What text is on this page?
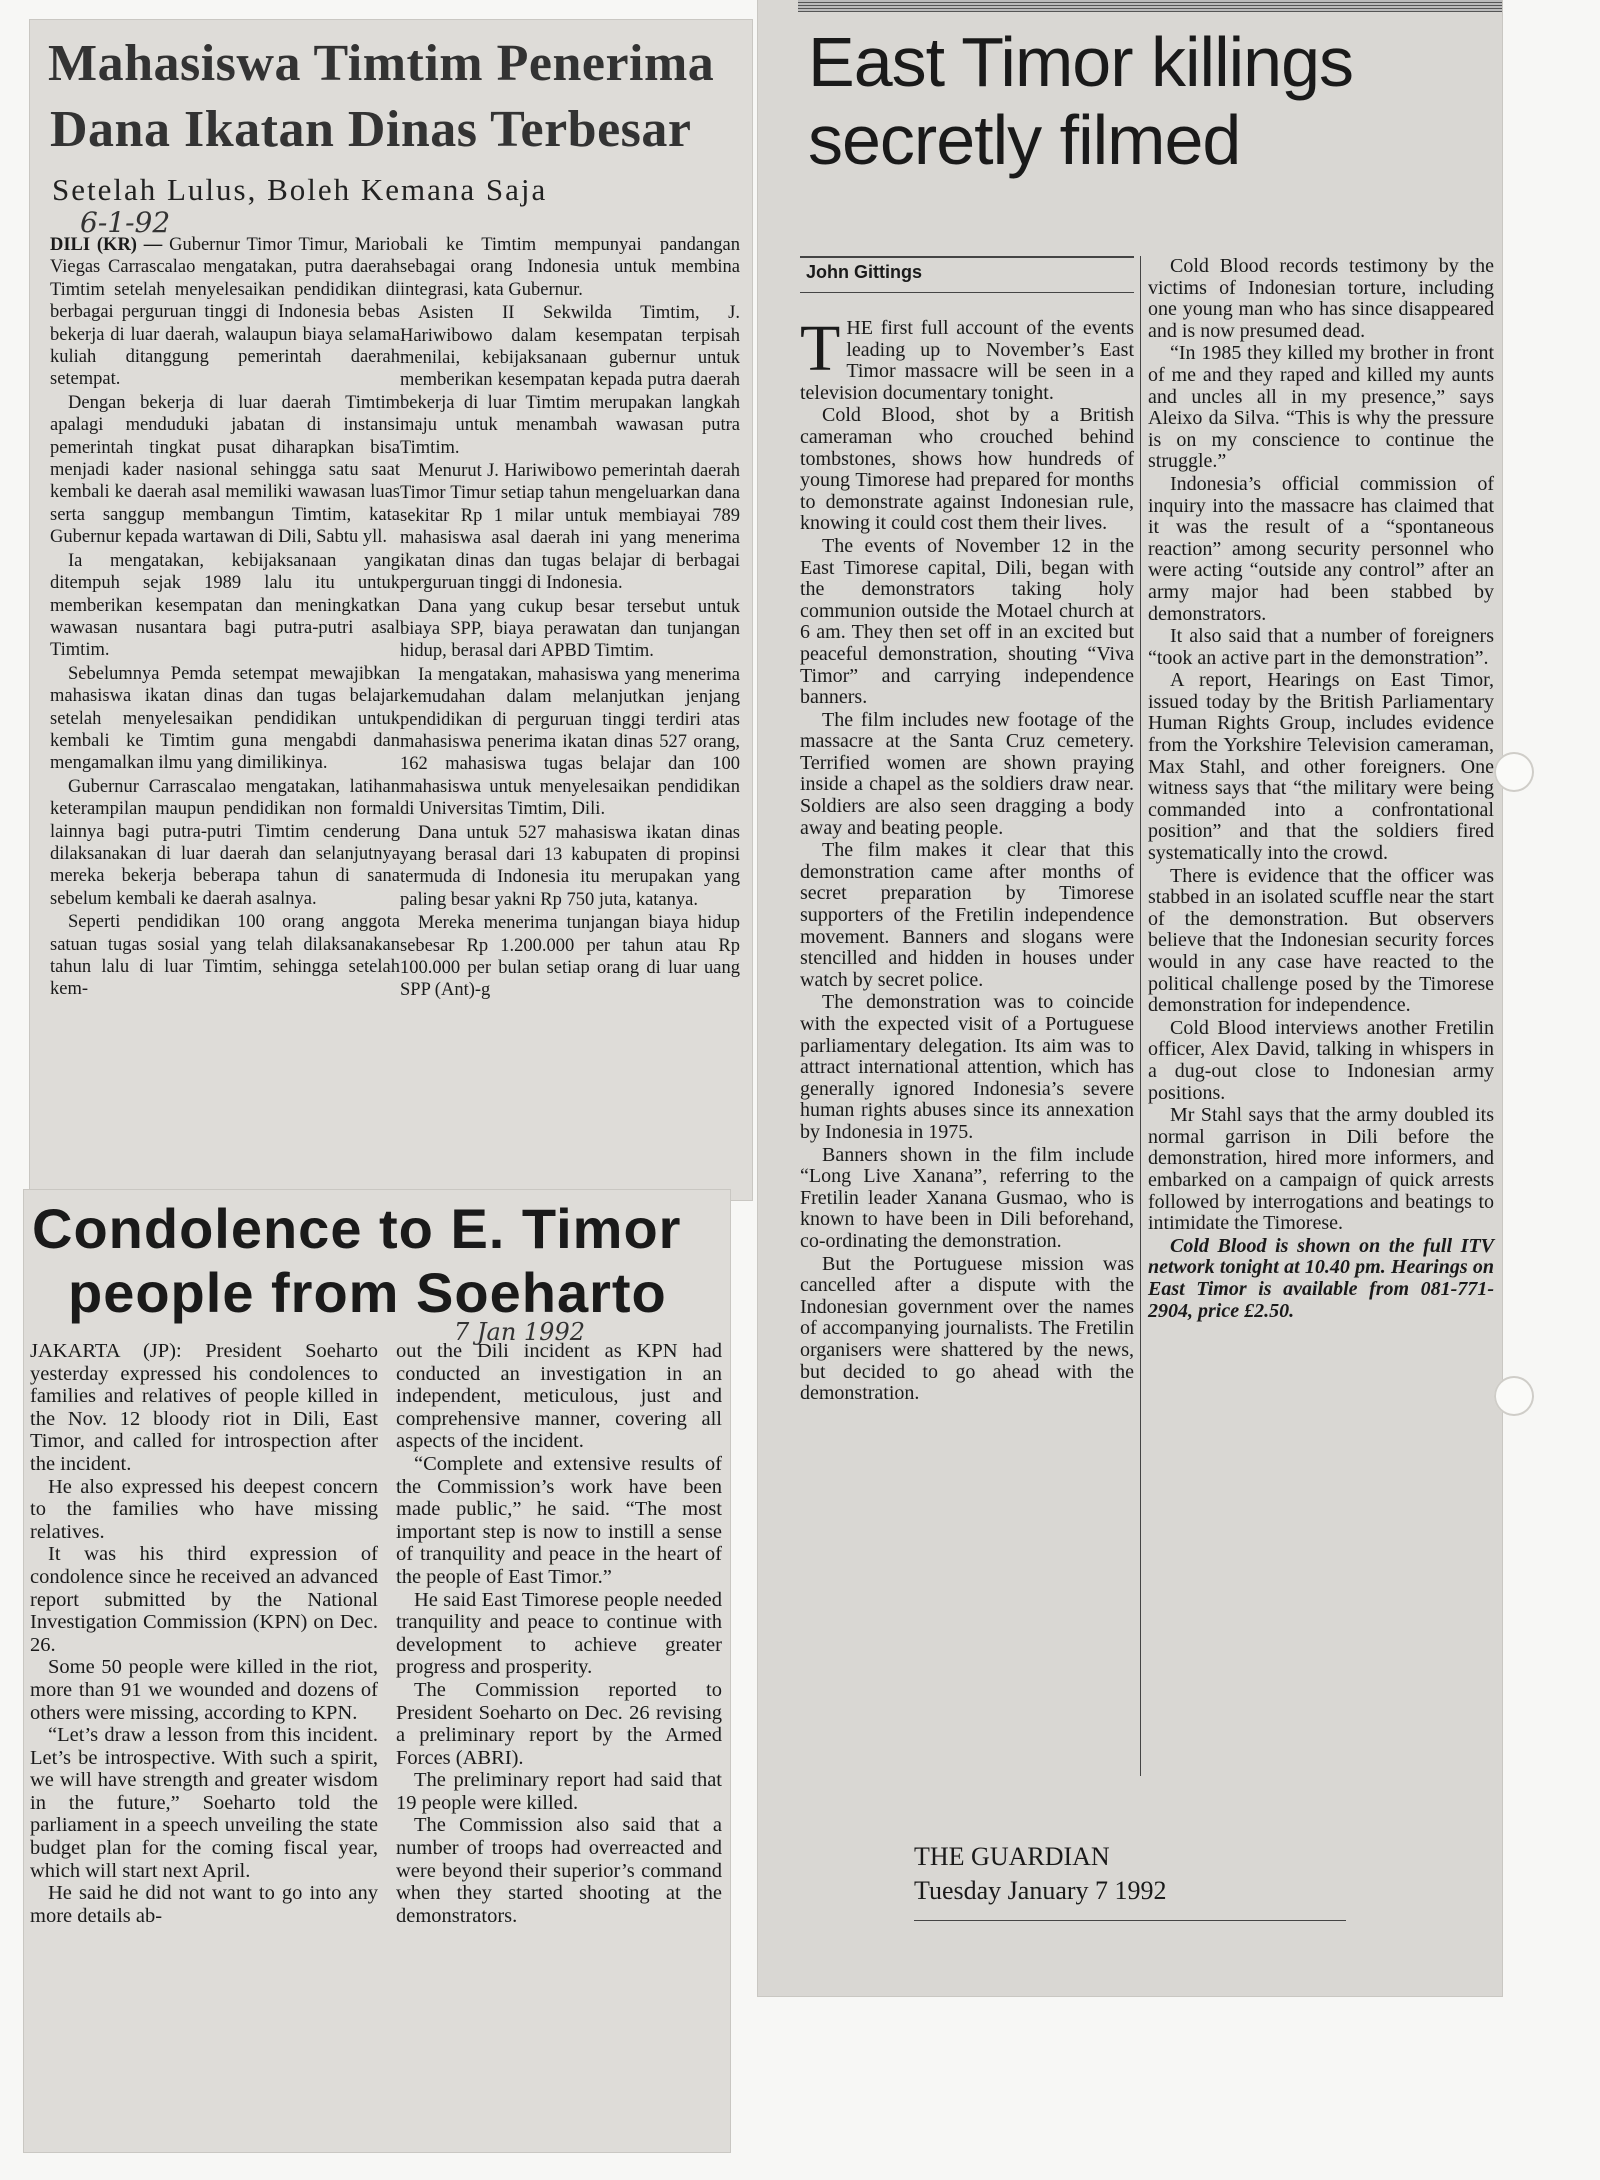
Mahasiswa Timtim Penerima
Dana Ikatan Dinas Terbesar
Setelah Lulus, Boleh Kemana Saja
6-1-92

DILI (KR) — Gubernur Timor Timur, Mario Viegas Carrascalao mengatakan, putra daerah Timtim setelah menyelesaikan pendidikan di berbagai perguruan tinggi di Indonesia bebas bekerja di luar daerah, walaupun biaya selama kuliah ditanggung pemerintah daerah setempat.

Dengan bekerja di luar daerah Timtim apalagi menduduki jabatan di instansi pemerintah tingkat pusat diharapkan bisa menjadi kader nasional sehingga satu saat kembali ke daerah asal memiliki wawasan luas serta sanggup membangun Timtim, kata Gubernur kepada wartawan di Dili, Sabtu yll.

Ia mengatakan, kebijaksanaan yang ditempuh sejak 1989 lalu itu untuk memberikan kesempatan dan meningkatkan wawasan nusantara bagi putra-putri asal Timtim.

Sebelumnya Pemda setempat mewajibkan mahasiswa ikatan dinas dan tugas belajar setelah menyelesaikan pendidikan untuk kembali ke Timtim guna mengabdi dan mengamalkan ilmu yang dimilikinya.

Gubernur Carrascalao mengatakan, latihan keterampilan maupun pendidikan non formal lainnya bagi putra-putri Timtim cenderung dilaksanakan di luar daerah dan selanjutnya mereka bekerja beberapa tahun di sana sebelum kembali ke daerah asalnya.

Seperti pendidikan 100 orang anggota satuan tugas sosial yang telah dilaksanakan tahun lalu di luar Timtim, sehingga setelah kem-

bali ke Timtim mempunyai pandangan sebagai orang Indonesia untuk membina integrasi, kata Gubernur.

Asisten II Sekwilda Timtim, J. Hariwibowo dalam kesempatan terpisah menilai, kebijaksanaan gubernur untuk memberikan kesempatan kepada putra daerah bekerja di luar Timtim merupakan langkah maju untuk menambah wawasan putra Timtim.

Menurut J. Hariwibowo pemerintah daerah Timor Timur setiap tahun mengeluarkan dana sekitar Rp 1 milar untuk membiayai 789 mahasiswa asal daerah ini yang menerima ikatan dinas dan tugas belajar di berbagai perguruan tinggi di Indonesia.

Dana yang cukup besar tersebut untuk biaya SPP, biaya perawatan dan tunjangan hidup, berasal dari APBD Timtim.

Ia mengatakan, mahasiswa yang menerima kemudahan dalam melanjutkan jenjang pendidikan di perguruan tinggi terdiri atas mahasiswa penerima ikatan dinas 527 orang, 162 mahasiswa tugas belajar dan 100 mahasiswa untuk menyelesaikan pendidikan di Universitas Timtim, Dili.

Dana untuk 527 mahasiswa ikatan dinas yang berasal dari 13 kabupaten di propinsi termuda di Indonesia itu merupakan yang paling besar yakni Rp 750 juta, katanya.

Mereka menerima tunjangan biaya hidup sebesar Rp 1.200.000 per tahun atau Rp 100.000 per bulan setiap orang di luar uang SPP (Ant)-g

Condolence to E. Timor
people from Soeharto
7 Jan 1992

JAKARTA (JP): President Soeharto yesterday expressed his condolences to families and relatives of people killed in the Nov. 12 bloody riot in Dili, East Timor, and called for introspection after the incident.

He also expressed his deepest concern to the families who have missing relatives.

It was his third expression of condolence since he received an advanced report submitted by the National Investigation Commission (KPN) on Dec. 26.

Some 50 people were killed in the riot, more than 91 we wounded and dozens of others were missing, according to KPN.

“Let’s draw a lesson from this incident. Let’s be introspective. With such a spirit, we will have strength and greater wisdom in the future,” Soeharto told the parliament in a speech unveiling the state budget plan for the coming fiscal year, which will start next April.

He said he did not want to go into any more details ab-

out the Dili incident as KPN had conducted an investigation in an independent, meticulous, just and comprehensive manner, covering all aspects of the incident.

“Complete and extensive results of the Commission’s work have been made public,” he said. “The most important step is now to instill a sense of tranquility and peace in the heart of the people of East Timor.”

He said East Timorese people needed tranquility and peace to continue with development to achieve greater progress and prosperity.

The Commission reported to President Soeharto on Dec. 26 revising a preliminary report by the Armed Forces (ABRI).

The preliminary report had said that 19 people were killed.

The Commission also said that a number of troops had overreacted and were beyond their superior’s command when they started shooting at the demonstrators.

East Timor killings
secretly filmed
John Gittings

THE first full account of the events leading up to November’s East Timor massacre will be seen in a television documentary tonight.

Cold Blood, shot by a British cameraman who crouched behind tombstones, shows how hundreds of young Timorese had prepared for months to demonstrate against Indonesian rule, knowing it could cost them their lives.

The events of November 12 in the East Timorese capital, Dili, began with the demonstrators taking holy communion outside the Motael church at 6 am. They then set off in an excited but peaceful demonstration, shouting “Viva Timor” and carrying independence banners.

The film includes new footage of the massacre at the Santa Cruz cemetery. Terrified women are shown praying inside a chapel as the soldiers draw near. Soldiers are also seen dragging a body away and beating people.

The film makes it clear that this demonstration came after months of secret preparation by Timorese supporters of the Fretilin independence movement. Banners and slogans were stencilled and hidden in houses under watch by secret police.

The demonstration was to coincide with the expected visit of a Portuguese parliamentary delegation. Its aim was to attract international attention, which has generally ignored Indonesia’s severe human rights abuses since its annexation by Indonesia in 1975.

Banners shown in the film include “Long Live Xanana”, referring to the Fretilin leader Xanana Gusmao, who is known to have been in Dili beforehand, co-ordinating the demonstration.

But the Portuguese mission was cancelled after a dispute with the Indonesian government over the names of accompanying journalists. The Fretilin organisers were shattered by the news, but decided to go ahead with the demonstration.

Cold Blood records testimony by the victims of Indonesian torture, including one young man who has since disappeared and is now presumed dead.

“In 1985 they killed my brother in front of me and they raped and killed my aunts and uncles all in my presence,” says Aleixo da Silva. “This is why the pressure is on my conscience to continue the struggle.”

Indonesia’s official commission of inquiry into the massacre has claimed that it was the result of a “spontaneous reaction” among security personnel who were acting “outside any control” after an army major had been stabbed by demonstrators.

It also said that a number of foreigners “took an active part in the demonstration”.

A report, Hearings on East Timor, issued today by the British Parliamentary Human Rights Group, includes evidence from the Yorkshire Television cameraman, Max Stahl, and other foreigners. One witness says that “the military were being commanded into a confrontational position” and that the soldiers fired systematically into the crowd.

There is evidence that the officer was stabbed in an isolated scuffle near the start of the demonstration. But observers believe that the Indonesian security forces would in any case have reacted to the political challenge posed by the Timorese demonstration for independence.

Cold Blood interviews another Fretilin officer, Alex David, talking in whispers in a dug-out close to Indonesian army positions.

Mr Stahl says that the army doubled its normal garrison in Dili before the demonstration, hired more informers, and embarked on a campaign of quick arrests followed by interrogations and beatings to intimidate the Timorese.

Cold Blood is shown on the full ITV network tonight at 10.40 pm. Hearings on East Timor is available from 081-771-2904, price £2.50.

THE GUARDIAN
Tuesday January 7 1992
